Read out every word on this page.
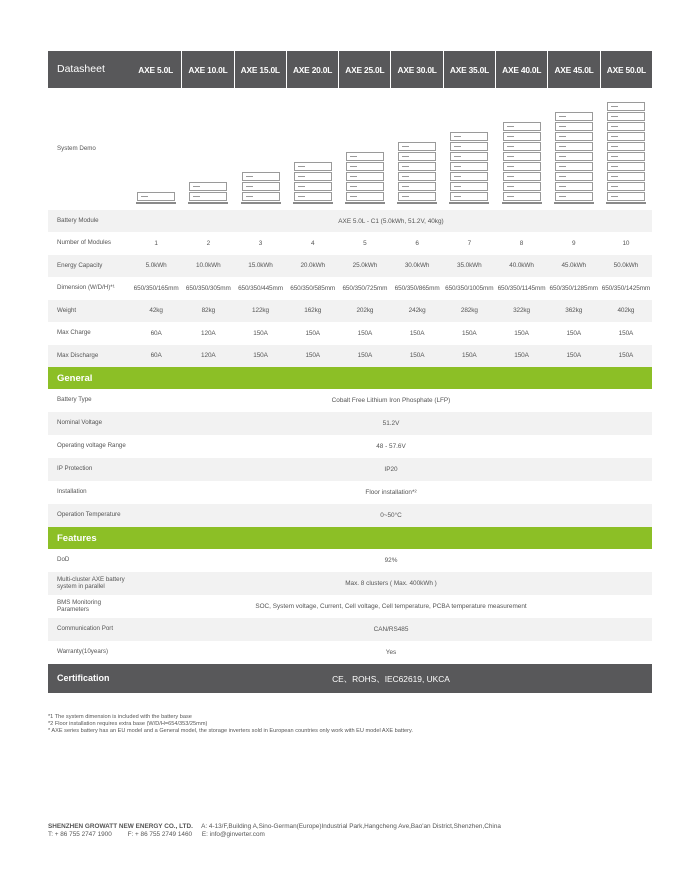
Datasheet	AXE 5.0L	AXE 10.0L	AXE 15.0L	AXE 20.0L	AXE 25.0L	AXE 30.0L	AXE 35.0L	AXE 40.0L	AXE 45.0L	AXE 50.0L
System Demo
Battery Module	AXE 5.0L - C1 (5.0kWh, 51.2V, 40kg)
Number of Modules	1	2	3	4	5	6	7	8	9	10
Energy Capacity	5.0kWh	10.0kWh	15.0kWh	20.0kWh	25.0kWh	30.0kWh	35.0kWh	40.0kWh	45.0kWh	50.0kWh
Dimension (W/D/H)*¹	650/350/165mm	650/350/305mm	650/350/445mm	650/350/585mm	650/350/725mm	650/350/865mm 650/350/1005mm 650/350/1145mm 650/350/1285mm 650/350/1425mm
Weight	42kg	82kg	122kg	162kg	202kg	242kg	282kg	322kg	362kg	402kg
Max Charge	60A	120A	150A	150A	150A	150A	150A	150A	150A	150A
Max Discharge	60A	120A	150A	150A	150A	150A	150A	150A	150A	150A
General
Battery Type	Cobalt Free Lithium Iron Phosphate (LFP)
Nominal Voltage	51.2V
Operating voltage Range	48 - 57.6V
IP Protection	IP20
Installation	Floor installation*²
Operation Temperature	0~50°C
Features
DoD	92%
Multi-cluster AXE battery system in parallel	Max. 8 clusters ( Max. 400kWh )
BMS Monitoring Parameters	SOC, System voltage, Current, Cell voltage, Cell temperature, PCBA temperature measurement
Communication Port	CAN/RS485
Warranty(10years)	Yes
Certification	CE、ROHS、IEC62619, UKCA
*1 The system dimension is included with the battery base
*2 Floor installation requires extra base (W/D/H=654/353/25mm)
* AXE series battery has an EU model and a General model, the storage inverters sold in European countries only work with EU model AXE battery.
SHENZHEN GROWATT NEW ENERGY CO., LTD. A: 4-13/F,Building A,Sino-German(Europe)Industrial Park,Hangcheng Ave,Bao'an District,Shenzhen,China
T: + 86 755 2747 1900 F: + 86 755 2749 1460 E: info@ginverter.com
